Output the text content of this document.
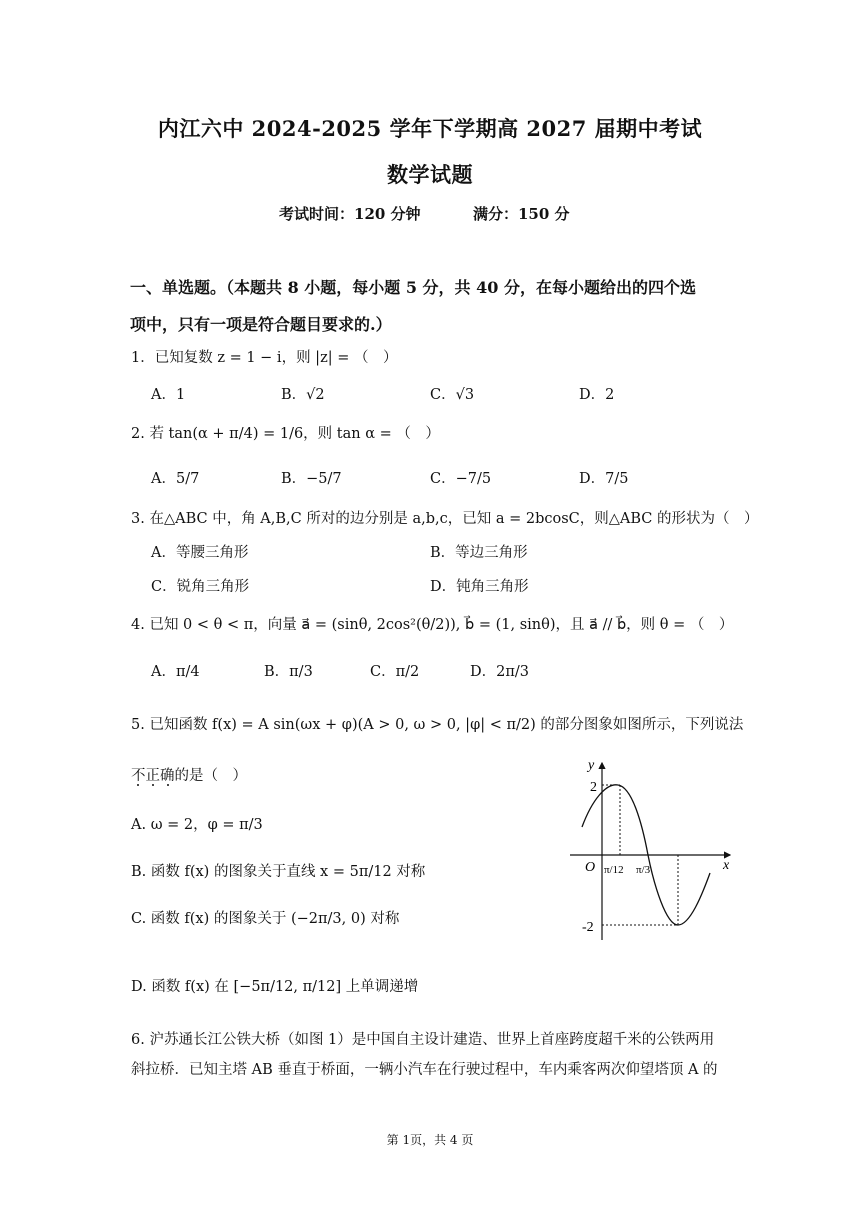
内江六中 2024-2025 学年下学期高 2027 届期中考试
数学试题
考试时间：120 分钟	满分：150 分
一、单选题。（本题共 8 小题，每小题 5 分，共 40 分，在每小题给出的四个选
项中，只有一项是符合题目要求的.）
1．已知复数 z = 1 − i，则 |z| = （　）
A．1	B．√2	C．√3	D．2
2. 若 tan(α + π/4) = 1/6，则 tan α = （　）
A．5/7	B．−5/7	C．−7/5	D．7/5
3. 在△ABC 中，角 A,B,C 所对的边分别是 a,b,c，已知 a = 2bcosC，则△ABC 的形状为（　）
A．等腰三角形	B．等边三角形
C．锐角三角形	D．钝角三角形
4. 已知 0 < θ < π，向量 a⃗ = (sinθ, 2cos²(θ/2)), b⃗ = (1, sinθ)，且 a⃗ // b⃗，则 θ = （　）
A．π/4	B．π/3	C．π/2	D．2π/3
5. 已知函数 f(x) = A sin(ωx + φ)(A > 0, ω > 0, |φ| < π/2) 的部分图象如图所示，下列说法
不正确的是（　）
A. ω = 2，φ = π/3
B. 函数 f(x) 的图象关于直线 x = 5π/12 对称
C. 函数 f(x) 的图象关于 (−2π/3, 0) 对称
D. 函数 f(x) 在 [−5π/12, π/12] 上单调递增
y
x
O
2
-2
π/12 π/3
6. 沪苏通长江公铁大桥（如图 1）是中国自主设计建造、世界上首座跨度超千米的公铁两用
斜拉桥．已知主塔 AB 垂直于桥面，一辆小汽车在行驶过程中，车内乘客两次仰望塔顶 A 的
第 1页，共 4 页
